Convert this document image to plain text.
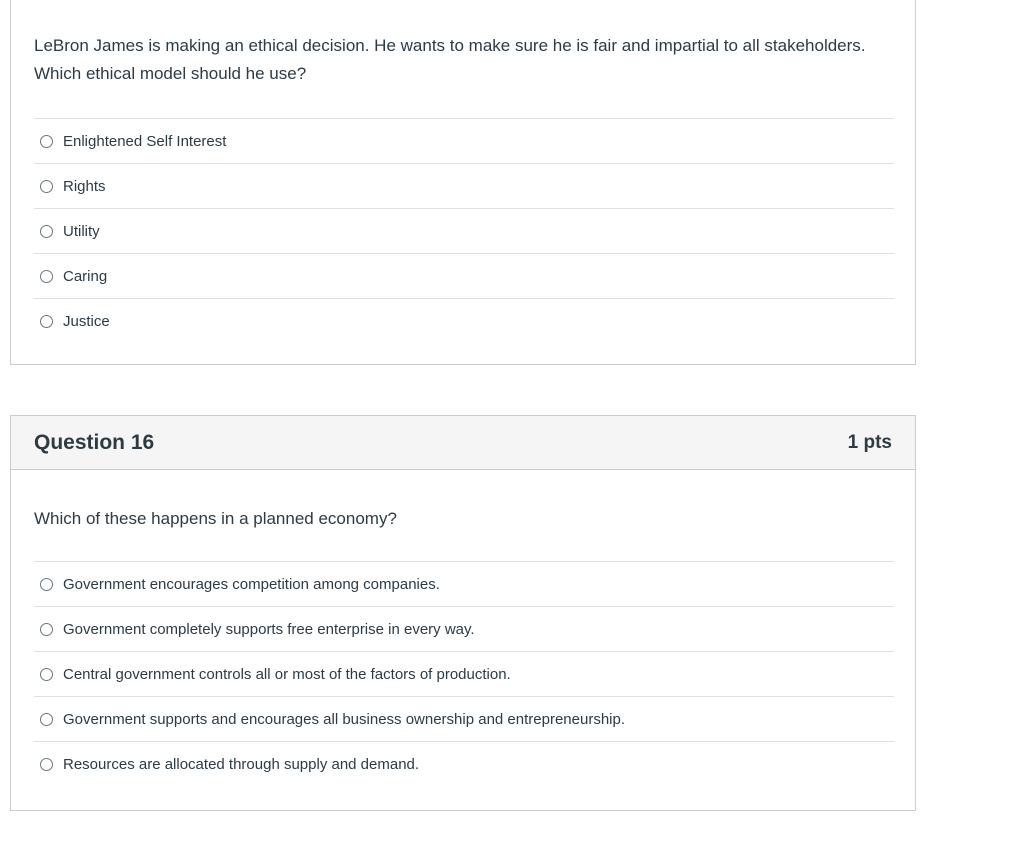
LeBron James is making an ethical decision. He wants to make sure he is fair and impartial to all stakeholders. Which ethical model should he use?
Enlightened Self Interest
Rights
Utility
Caring
Justice
Question 16	1 pts
Which of these happens in a planned economy?
Government encourages competition among companies.
Government completely supports free enterprise in every way.
Central government controls all or most of the factors of production.
Government supports and encourages all business ownership and entrepreneurship.
Resources are allocated through supply and demand.
